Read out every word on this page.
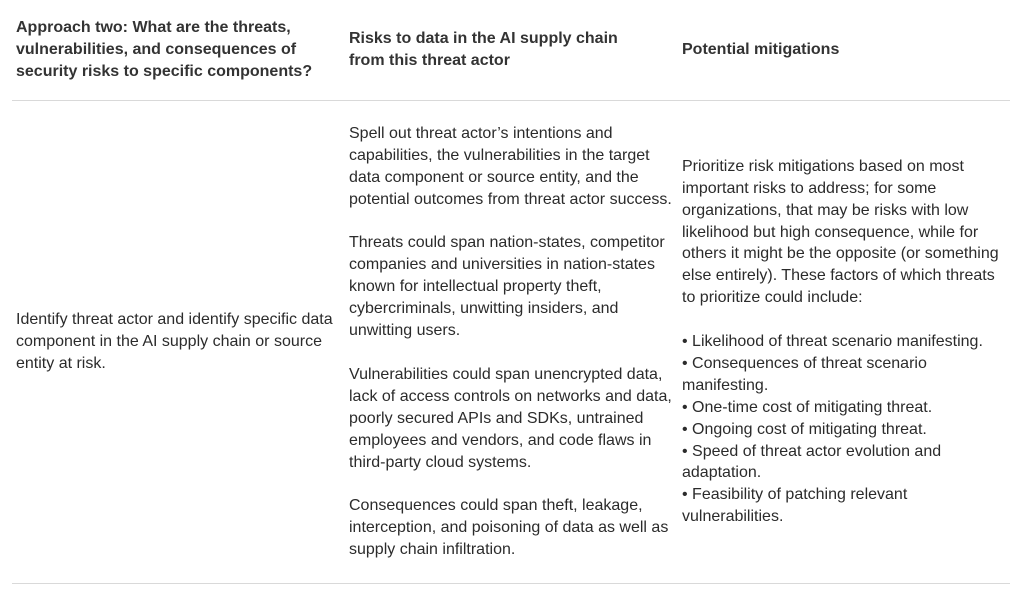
Approach two: What are the threats, vulnerabilities, and consequences of security risks to specific components?
Risks to data in the AI supply chain from this threat actor
Potential mitigations
Identify threat actor and identify specific data component in the AI supply chain or source entity at risk.

Spell out threat actor’s intentions and capabilities, the vulnerabilities in the target data component or source entity, and the potential outcomes from threat actor success.

Threats could span nation-states, competitor companies and universities in nation-states known for intellectual property theft, cybercriminals, unwitting insiders, and unwitting users.

Vulnerabilities could span unencrypted data, lack of access controls on networks and data, poorly secured APIs and SDKs, untrained employees and vendors, and code flaws in third-party cloud systems.

Consequences could span theft, leakage, interception, and poisoning of data as well as supply chain infiltration.

Prioritize risk mitigations based on most important risks to address; for some organizations, that may be risks with low likelihood but high consequence, while for others it might be the opposite (or something else entirely). These factors of which threats to prioritize could include:

• Likelihood of threat scenario manifesting.
• Consequences of threat scenario manifesting.
• One-time cost of mitigating threat.
• Ongoing cost of mitigating threat.
• Speed of threat actor evolution and adaptation.
• Feasibility of patching relevant vulnerabilities.
